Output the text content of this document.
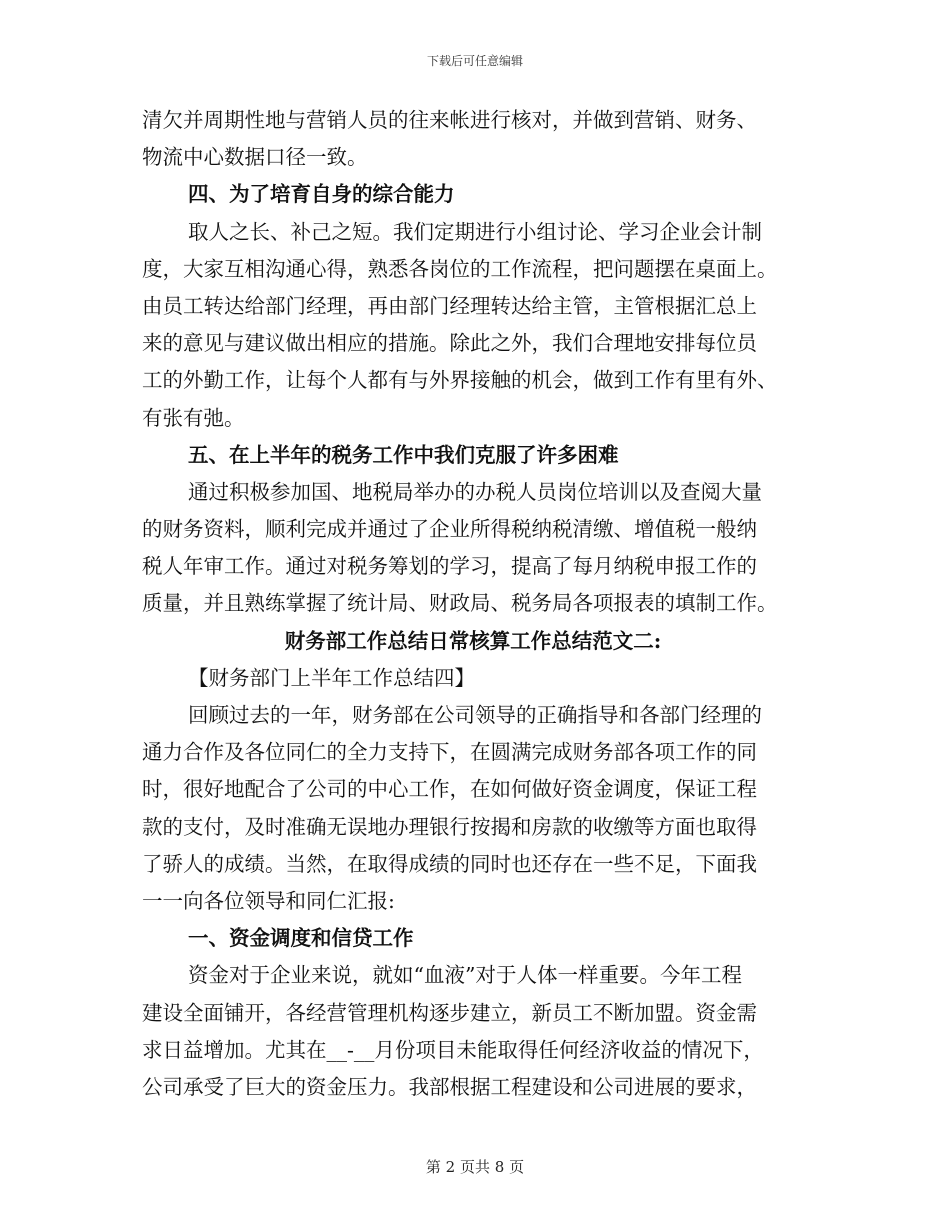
下载后可任意编辑
清欠并周期性地与营销人员的往来帐进行核对，并做到营销、财务、
物流中心数据口径一致。
四、为了培育自身的综合能力
取人之长、补己之短。我们定期进行小组讨论、学习企业会计制
度，大家互相沟通心得，熟悉各岗位的工作流程，把问题摆在桌面上。
由员工转达给部门经理，再由部门经理转达给主管，主管根据汇总上
来的意见与建议做出相应的措施。除此之外，我们合理地安排每位员
工的外勤工作，让每个人都有与外界接触的机会，做到工作有里有外、
有张有弛。
五、在上半年的税务工作中我们克服了许多困难
通过积极参加国、地税局举办的办税人员岗位培训以及查阅大量
的财务资料，顺利完成并通过了企业所得税纳税清缴、增值税一般纳
税人年审工作。通过对税务筹划的学习，提高了每月纳税申报工作的
质量，并且熟练掌握了统计局、财政局、税务局各项报表的填制工作。
财务部工作总结日常核算工作总结范文二:
【财务部门上半年工作总结四】
回顾过去的一年，财务部在公司领导的正确指导和各部门经理的
通力合作及各位同仁的全力支持下，在圆满完成财务部各项工作的同
时，很好地配合了公司的中心工作，在如何做好资金调度，保证工程
款的支付，及时准确无误地办理银行按揭和房款的收缴等方面也取得
了骄人的成绩。当然，在取得成绩的同时也还存在一些不足，下面我
一一向各位领导和同仁汇报:
一、资金调度和信贷工作
资金对于企业来说，就如“血液”对于人体一样重要。今年工程
建设全面铺开，各经营管理机构逐步建立，新员工不断加盟。资金需
求日益增加。尤其在__-__月份项目未能取得任何经济收益的情况下，
公司承受了巨大的资金压力。我部根据工程建设和公司进展的要求，
第 2 页共 8 页
